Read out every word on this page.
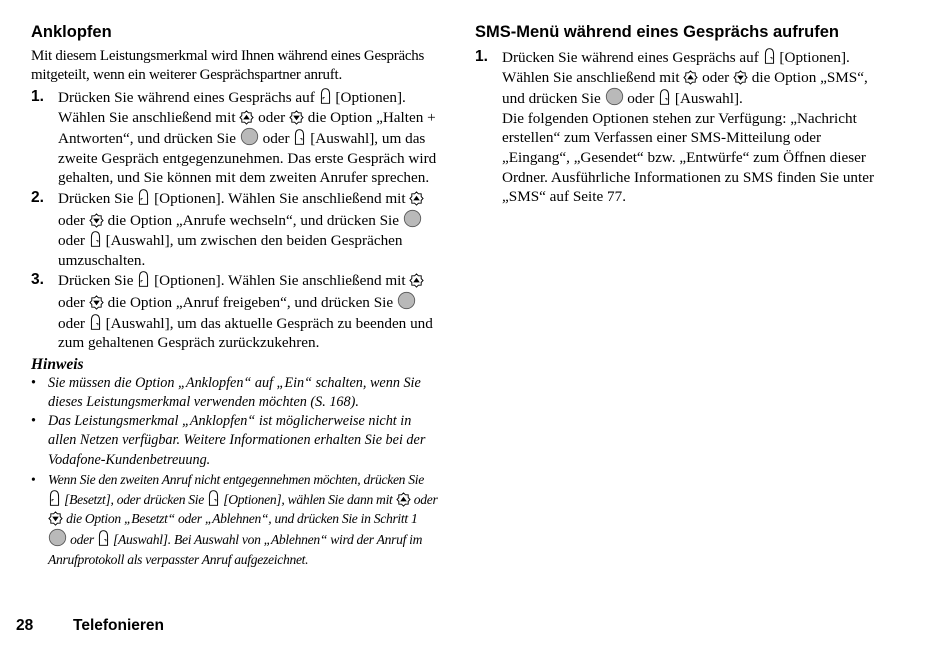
Anklopfen

Mit diesem Leistungsmerkmal wird Ihnen während eines Gesprächs mitgeteilt, wenn ein weiterer Gesprächspartner anruft.

1. Drücken Sie während eines Gesprächs auf [Optionen]. Wählen Sie anschließend mit oder die Option „Halten + Antworten“, und drücken Sie oder [Auswahl], um das zweite Gespräch entgegenzunehmen. Das erste Gespräch wird gehalten, und Sie können mit dem zweiten Anrufer sprechen.
2. Drücken Sie [Optionen]. Wählen Sie anschließend mit
oder die Option „Anrufe wechseln“, und drücken Sie
oder [Auswahl], um zwischen den beiden Gesprächen umzuschalten.
3. Drücken Sie [Optionen]. Wählen Sie anschließend mit
oder die Option „Anruf freigeben“, und drücken Sie
oder [Auswahl], um das aktuelle Gespräch zu beenden und zum gehaltenen Gespräch zurückzukehren.
Hinweis
• Sie müssen die Option „Anklopfen“ auf „Ein“ schalten, wenn Sie dieses Leistungsmerkmal verwenden möchten (S. 168).
• Das Leistungsmerkmal „Anklopfen“ ist möglicherweise nicht in allen Netzen verfügbar. Weitere Informationen erhalten Sie bei der Vodafone-Kundenbetreuung.
• Wenn Sie den zweiten Anruf nicht entgegennehmen möchten, drücken Sie
[Besetzt], oder drücken Sie [Optionen], wählen Sie dann mit oder
die Option „Besetzt“ oder „Ablehnen“, und drücken Sie in Schritt 1
oder [Auswahl]. Bei Auswahl von „Ablehnen“ wird der Anruf im Anrufprotokoll als verpasster Anruf aufgezeichnet.
SMS-Menü während eines Gesprächs aufrufen
1. Drücken Sie während eines Gesprächs auf [Optionen]. Wählen Sie anschließend mit oder die Option „SMS“, und drücken Sie oder [Auswahl].
Die folgenden Optionen stehen zur Verfügung: „Nachricht erstellen“ zum Verfassen einer SMS-Mitteilung oder „Eingang“, „Gesendet“ bzw. „Entwürfe“ zum Öffnen dieser Ordner. Ausführliche Informationen zu SMS finden Sie unter „SMS“ auf Seite 77.
28	Telefonieren
